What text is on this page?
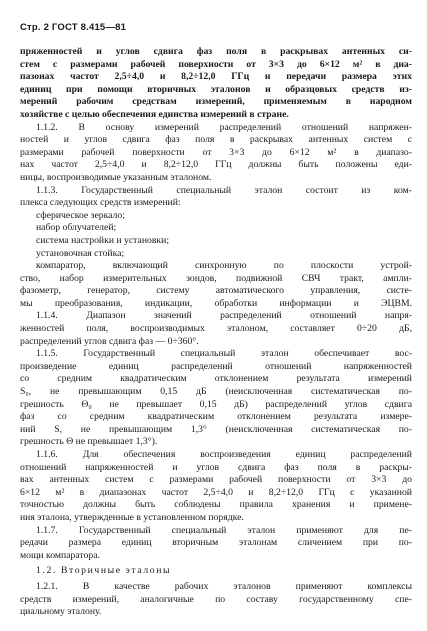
Стр. 2 ГОСТ 8.415—81
пряженностей и углов сдвига фаз поля в раскрывах антенных си-
стем с размерами рабочей поверхности от 3×3 до 6×12 м² в диа-
пазонах частот 2,5÷4,0 и 8,2÷12,0 ГГц и передачи размера этих
единиц при помощи вторичных эталонов и образцовых средств из-
мерений рабочим средствам измерений, применяемым в народном
хозяйстве с целью обеспечения единства измерений в стране.
1.1.2. В основу измерений распределений отношений напряжен-
ностей и углов сдвига фаз поля в раскрывах антенных систем с
размерами рабочей поверхности от 3×3 до 6×12 м² в диапазо-
нах частот 2,5÷4,0 и 8,2÷12,0 ГГц должны быть положены еди-
ницы, воспроизводимые указанным эталоном.
1.1.3. Государственный специальный эталон состоит из ком-
плекса следующих средств измерений:
сферическое зеркало;
набор облучателей;
система настройки и установки;
установочная стойка;
компаратор, включающий синхронную по плоскости устрой-
ство, набор измерительных зондов, подвижной СВЧ тракт, ампли-
фазометр, генератор, систему автоматического управления, систе-
мы преобразования, индикации, обработки информации и ЭЦВМ.
1.1.4. Диапазон значений распределений отношений напря-
женностей поля, воспроизводимых эталоном, составляет 0÷20 дБ,
распределений углов сдвига фаз — 0÷360°.
1.1.5. Государственный специальный эталон обеспечивает вос-
произведение единиц распределений отношений напряженностей
со средним квадратическим отклонением результата измерений
S₀, не превышающим 0,15 дБ (неисключенная систематическая по-
грешность Θ₀ не превышает 0,15 дБ) распределений углов сдвига
фаз со средним квадратическим отклонением результата измере-
ний S, не превышающим 1,3° (неисключенная систематическая по-
грешность Θ не превышает 1,3°).
1.1.6. Для обеспечения воспроизведения единиц распределений
отношений напряженностей и углов сдвига фаз поля в раскры-
вах антенных систем с размерами рабочей поверхности от 3×3 до
6×12 м² в диапазонах частот 2,5÷4,0 и 8,2÷12,0 ГГц с указанной
точностью должны быть соблюдены правила хранения и примене-
ния эталона, утвержденные в установленном порядке.
1.1.7. Государственный специальный эталон применяют для пе-
редачи размера единиц вторичным эталонам сличением при по-
мощи компаратора.
1.2. Вторичные эталоны
1.2.1. В качестве рабочих эталонов применяют комплексы
средств измерений, аналогичные по составу государственному спе-
циальному эталону.
